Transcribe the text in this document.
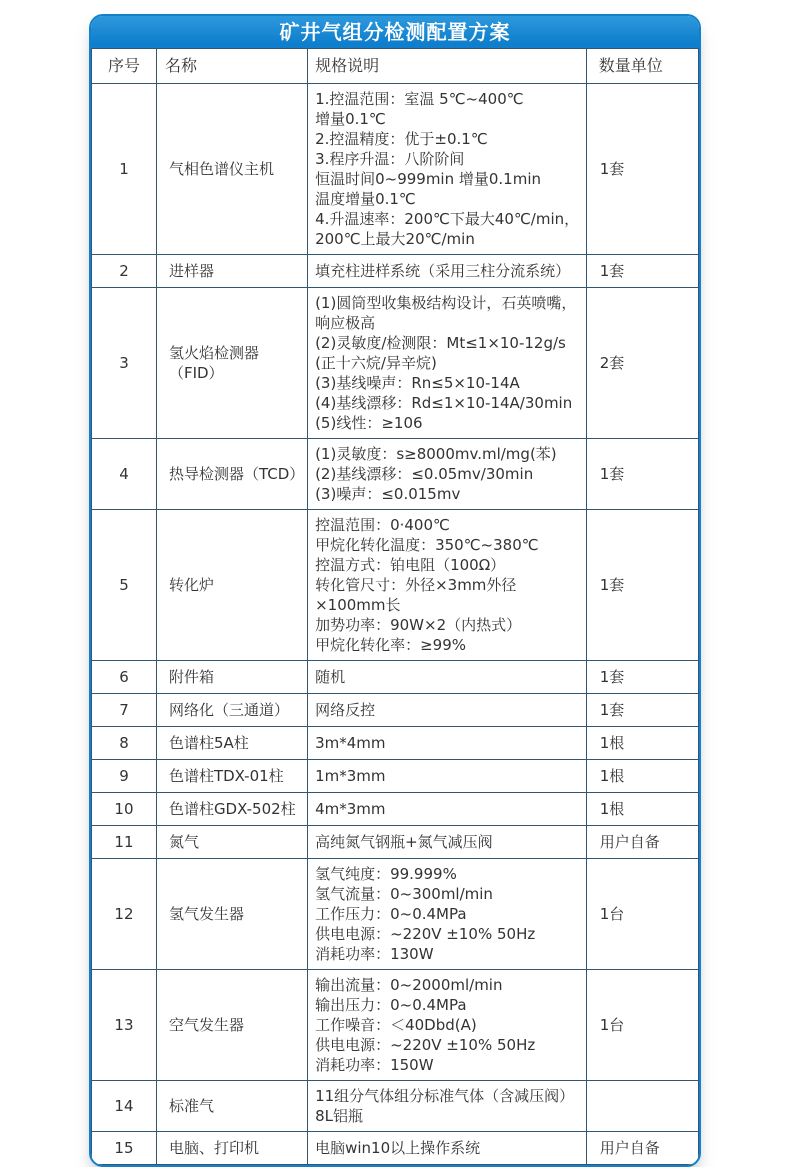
矿井气组分检测配置方案
序号	名称	规格说明	数量单位
1	气相色谱仪主机	1.控温范围：室温 5℃~400℃
增量0.1℃
2.控温精度：优于±0.1℃
3.程序升温：八阶阶间
恒温时间0~999min 增量0.1min
温度增量0.1℃
4.升温速率：200℃下最大40℃/min，
200℃上最大20℃/min	1套
2	进样器	填充柱进样系统（采用三柱分流系统）	1套
3	氢火焰检测器（FID）	(1)圆筒型收集极结构设计，石英喷嘴，
响应极高
(2)灵敏度/检测限：Mt≤1×10-12g/s
(正十六烷/异辛烷)
(3)基线噪声：Rn≤5×10-14A
(4)基线漂移：Rd≤1×10-14A/30min
(5)线性：≥106	2套
4	热导检测器（TCD）	(1)灵敏度：s≥8000mv.ml/mg(苯)
(2)基线漂移：≤0.05mv/30min
(3)噪声：≤0.015mv	1套
5	转化炉	控温范围：0·400℃
甲烷化转化温度：350℃~380℃
控温方式：铂电阻（100Ω）
转化管尺寸：外径×3mm外径×100mm长
加势功率：90W×2（内热式）
甲烷化转化率：≥99%	1套
6	附件箱	随机	1套
7	网络化（三通道）	网络反控	1套
8	色谱柱5A柱	3m*4mm	1根
9	色谱柱TDX-01柱	1m*3mm	1根
10	色谱柱GDX-502柱	4m*3mm	1根
11	氮气	高纯氮气钢瓶+氮气减压阀	用户自备
12	氢气发生器	氢气纯度：99.999%
氢气流量：0~300ml/min
工作压力：0~0.4MPa
供电电源：~220V ±10% 50Hz
消耗功率：130W	1台
13	空气发生器	输出流量：0~2000ml/min
输出压力：0~0.4MPa
工作噪音：＜40Dbd(A)
供电电源：~220V ±10% 50Hz
消耗功率：150W	1台
14	标准气	11组分气体组分标准气体（含减压阀）
8L铝瓶	
15	电脑、打印机	电脑win10以上操作系统	用户自备
